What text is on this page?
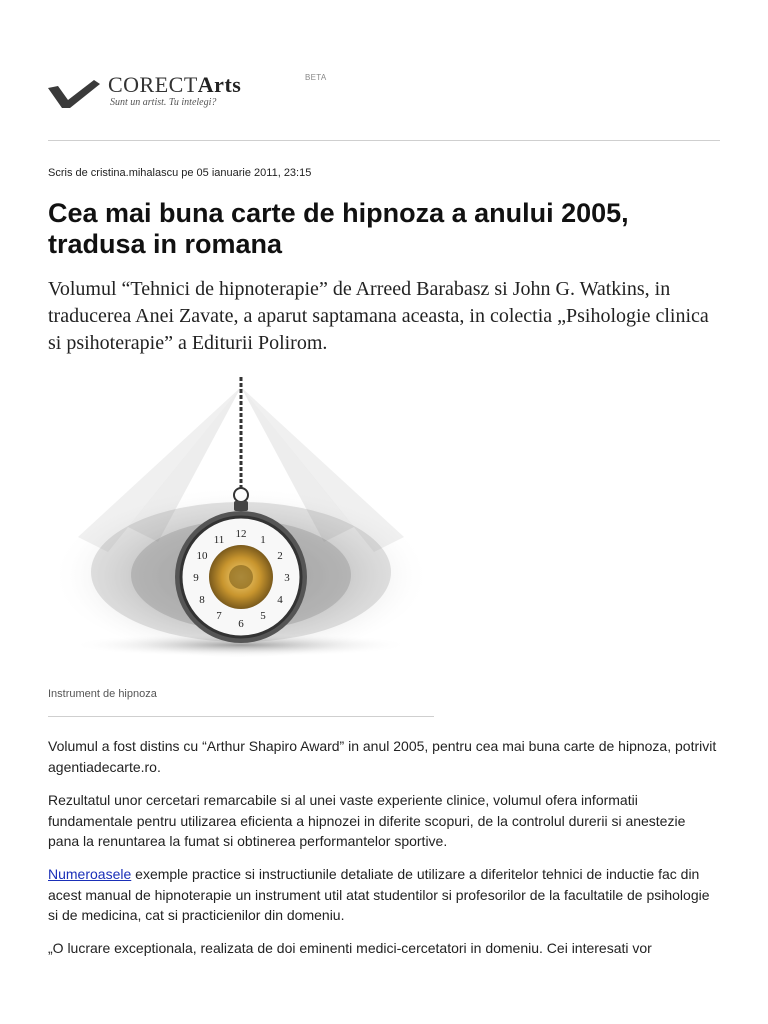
CORECTArts	BETA
Sunt un artist. Tu intelegi?
Scris de cristina.mihalascu pe 05 ianuarie 2011, 23:15
Cea mai buna carte de hipnoza a anului 2005, tradusa in romana

Volumul “Tehnici de hipnoterapie” de Arreed Barabasz si John G. Watkins, in traducerea Anei Zavate, a aparut saptamana aceasta, in colectia „Psihologie clinica si psihoterapie” a Editurii Polirom.

12 1
2
3
4
5
6
7
8
9
10
11
Instrument de hipnoza

Volumul a fost distins cu “Arthur Shapiro Award” in anul 2005, pentru cea mai buna carte de hipnoza, potrivit agentiadecarte.ro.

Rezultatul unor cercetari remarcabile si al unei vaste experiente clinice, volumul ofera informatii fundamentale pentru utilizarea eficienta a hipnozei in diferite scopuri, de la controlul durerii si anestezie pana la renuntarea la fumat si obtinerea performantelor sportive.

Numeroasele exemple practice si instructiunile detaliate de utilizare a diferitelor tehnici de inductie fac din acest manual de hipnoterapie un instrument util atat studentilor si profesorilor de la facultatile de psihologie si de medicina, cat si practicienilor din domeniu.

„O lucrare exceptionala, realizata de doi eminenti medici-cercetatori in domeniu. Cei interesati vor
